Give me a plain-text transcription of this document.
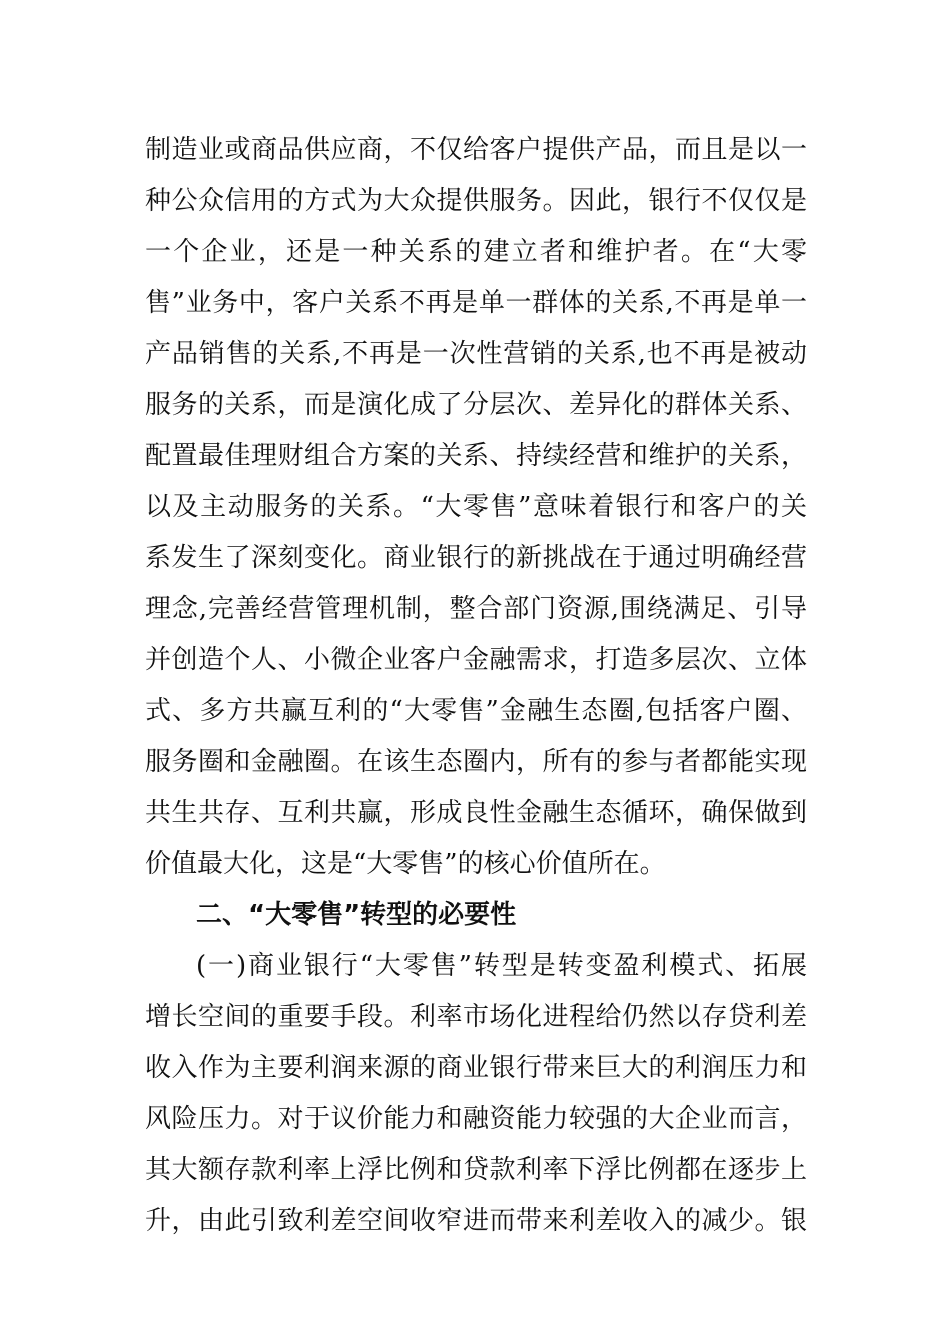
制造业或商品供应商，不仅给客户提供产品，而且是以一
种公众信用的方式为大众提供服务。因此，银行不仅仅是
一个企业，还是一种关系的建立者和维护者。在“大零
售”业务中，客户关系不再是单一群体的关系,不再是单一
产品销售的关系,不再是一次性营销的关系,也不再是被动
服务的关系，而是演化成了分层次、差异化的群体关系、
配置最佳理财组合方案的关系、持续经营和维护的关系，
以及主动服务的关系。“大零售”意味着银行和客户的关
系发生了深刻变化。商业银行的新挑战在于通过明确经营
理念,完善经营管理机制，整合部门资源,围绕满足、引导
并创造个人、小微企业客户金融需求，打造多层次、立体
式、多方共赢互利的“大零售”金融生态圈,包括客户圈、
服务圈和金融圈。在该生态圈内，所有的参与者都能实现
共生共存、互利共赢，形成良性金融生态循环，确保做到
价值最大化，这是“大零售”的核心价值所在。
二、“大零售”转型的必要性
(一)商业银行“大零售”转型是转变盈利模式、拓展
增长空间的重要手段。利率市场化进程给仍然以存贷利差
收入作为主要利润来源的商业银行带来巨大的利润压力和
风险压力。对于议价能力和融资能力较强的大企业而言，
其大额存款利率上浮比例和贷款利率下浮比例都在逐步上
升，由此引致利差空间收窄进而带来利差收入的减少。银
